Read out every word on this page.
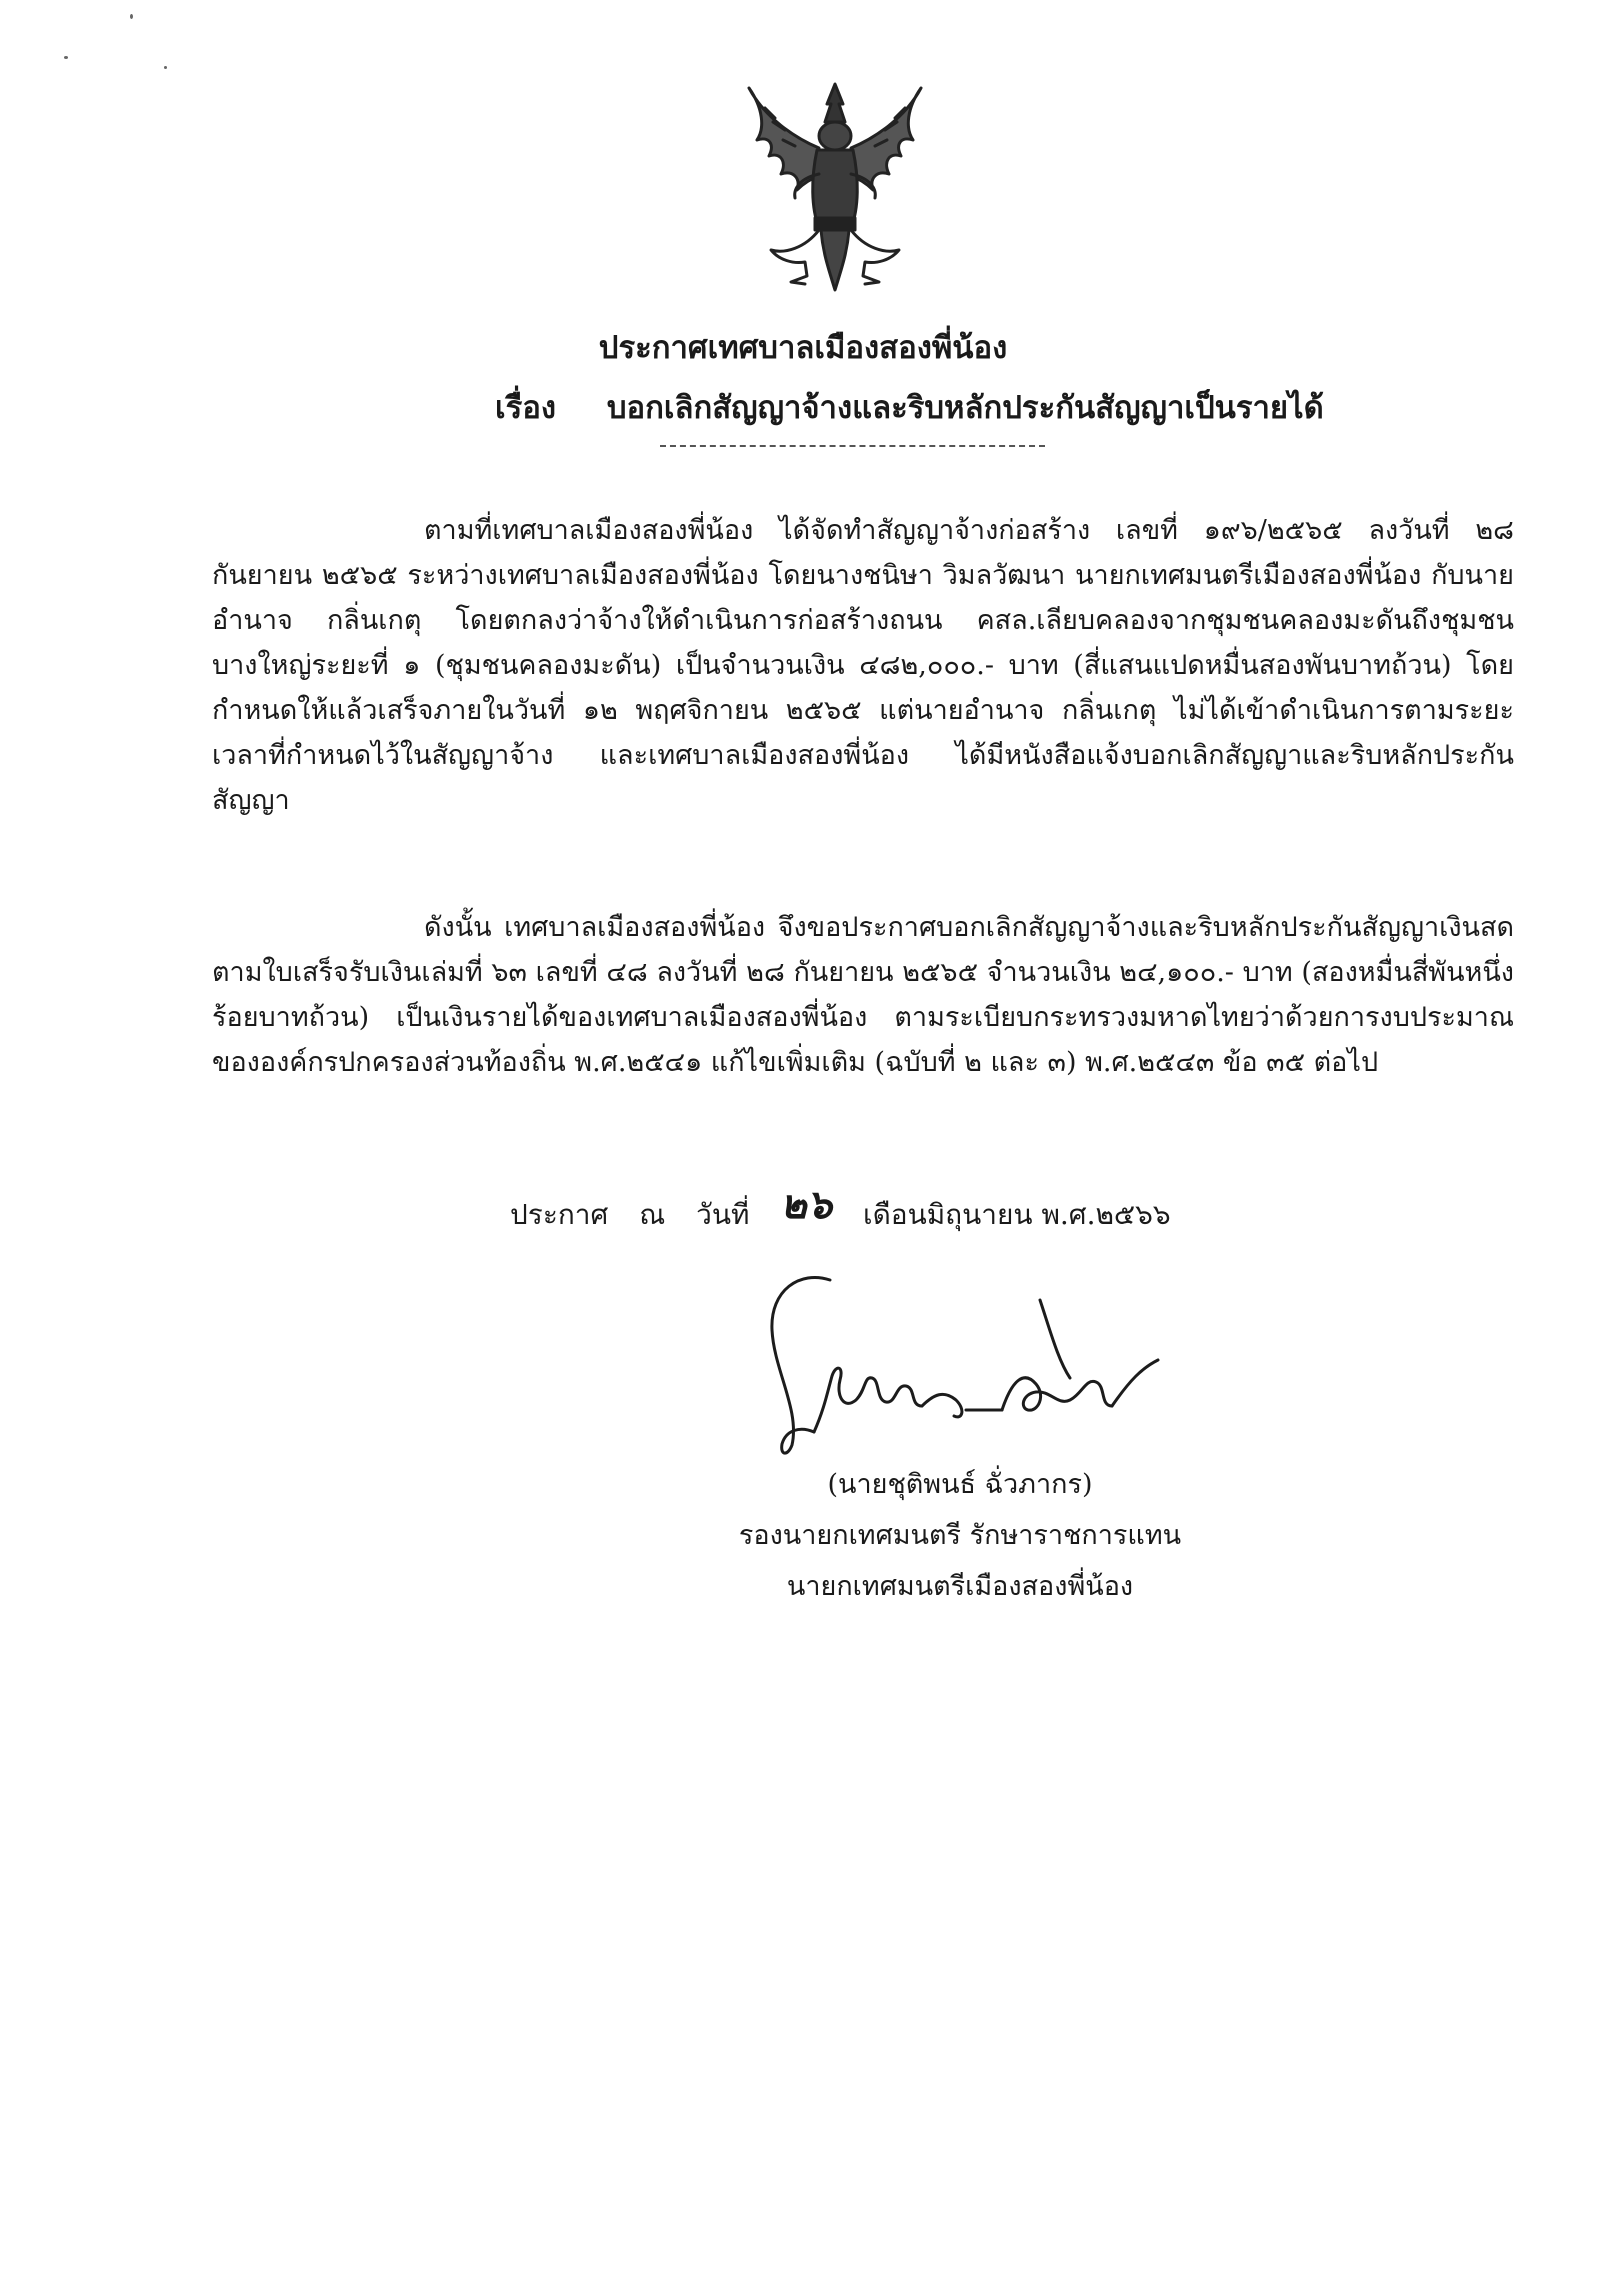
ประกาศเทศบาลเมืองสองพี่น้อง
เรื่อง บอกเลิกสัญญาจ้างและริบหลักประกันสัญญาเป็นรายได้

ตามที่เทศบาลเมืองสองพี่น้อง ได้จัดทำสัญญาจ้างก่อสร้าง เลขที่ ๑๙๖/๒๕๖๕ ลงวันที่ ๒๘ กันยายน ๒๕๖๕ ระหว่างเทศบาลเมืองสองพี่น้อง โดยนางชนิษา วิมลวัฒนา นายกเทศมนตรีเมืองสองพี่น้อง กับนายอำนาจ กลิ่นเกตุ โดยตกลงว่าจ้างให้ดำเนินการก่อสร้างถนน คสล.เลียบคลองจากชุมชนคลองมะดันถึงชุมชนบางใหญ่ระยะที่ ๑ (ชุมชนคลองมะดัน) เป็นจำนวนเงิน ๔๘๒,๐๐๐.- บาท (สี่แสนแปดหมื่นสองพันบาทถ้วน) โดยกำหนดให้แล้วเสร็จภายในวันที่ ๑๒ พฤศจิกายน ๒๕๖๕ แต่นายอำนาจ กลิ่นเกตุ ไม่ได้เข้าดำเนินการตามระยะเวลาที่กำหนดไว้ในสัญญาจ้าง และเทศบาลเมืองสองพี่น้อง ได้มีหนังสือแจ้งบอกเลิกสัญญาและริบหลักประกันสัญญา

ดังนั้น เทศบาลเมืองสองพี่น้อง จึงขอประกาศบอกเลิกสัญญาจ้างและริบหลักประกันสัญญาเงินสดตามใบเสร็จรับเงินเล่มที่ ๖๓ เลขที่ ๔๘ ลงวันที่ ๒๘ กันยายน ๒๕๖๕ จำนวนเงิน ๒๔,๑๐๐.- บาท (สองหมื่นสี่พันหนึ่งร้อยบาทถ้วน) เป็นเงินรายได้ของเทศบาลเมืองสองพี่น้อง ตามระเบียบกระทรวงมหาดไทยว่าด้วยการงบประมาณขององค์กรปกครองส่วนท้องถิ่น พ.ศ.๒๕๔๑ แก้ไขเพิ่มเติม (ฉบับที่ ๒ และ ๓) พ.ศ.๒๕๔๓ ข้อ ๓๕ ต่อไป

ประกาศ ณ วันที่ ๒๖ เดือนมิถุนายน พ.ศ.๒๕๖๖
(นายชุติพนธ์ ฉั่วภากร)
รองนายกเทศมนตรี รักษาราชการแทน
นายกเทศมนตรีเมืองสองพี่น้อง
